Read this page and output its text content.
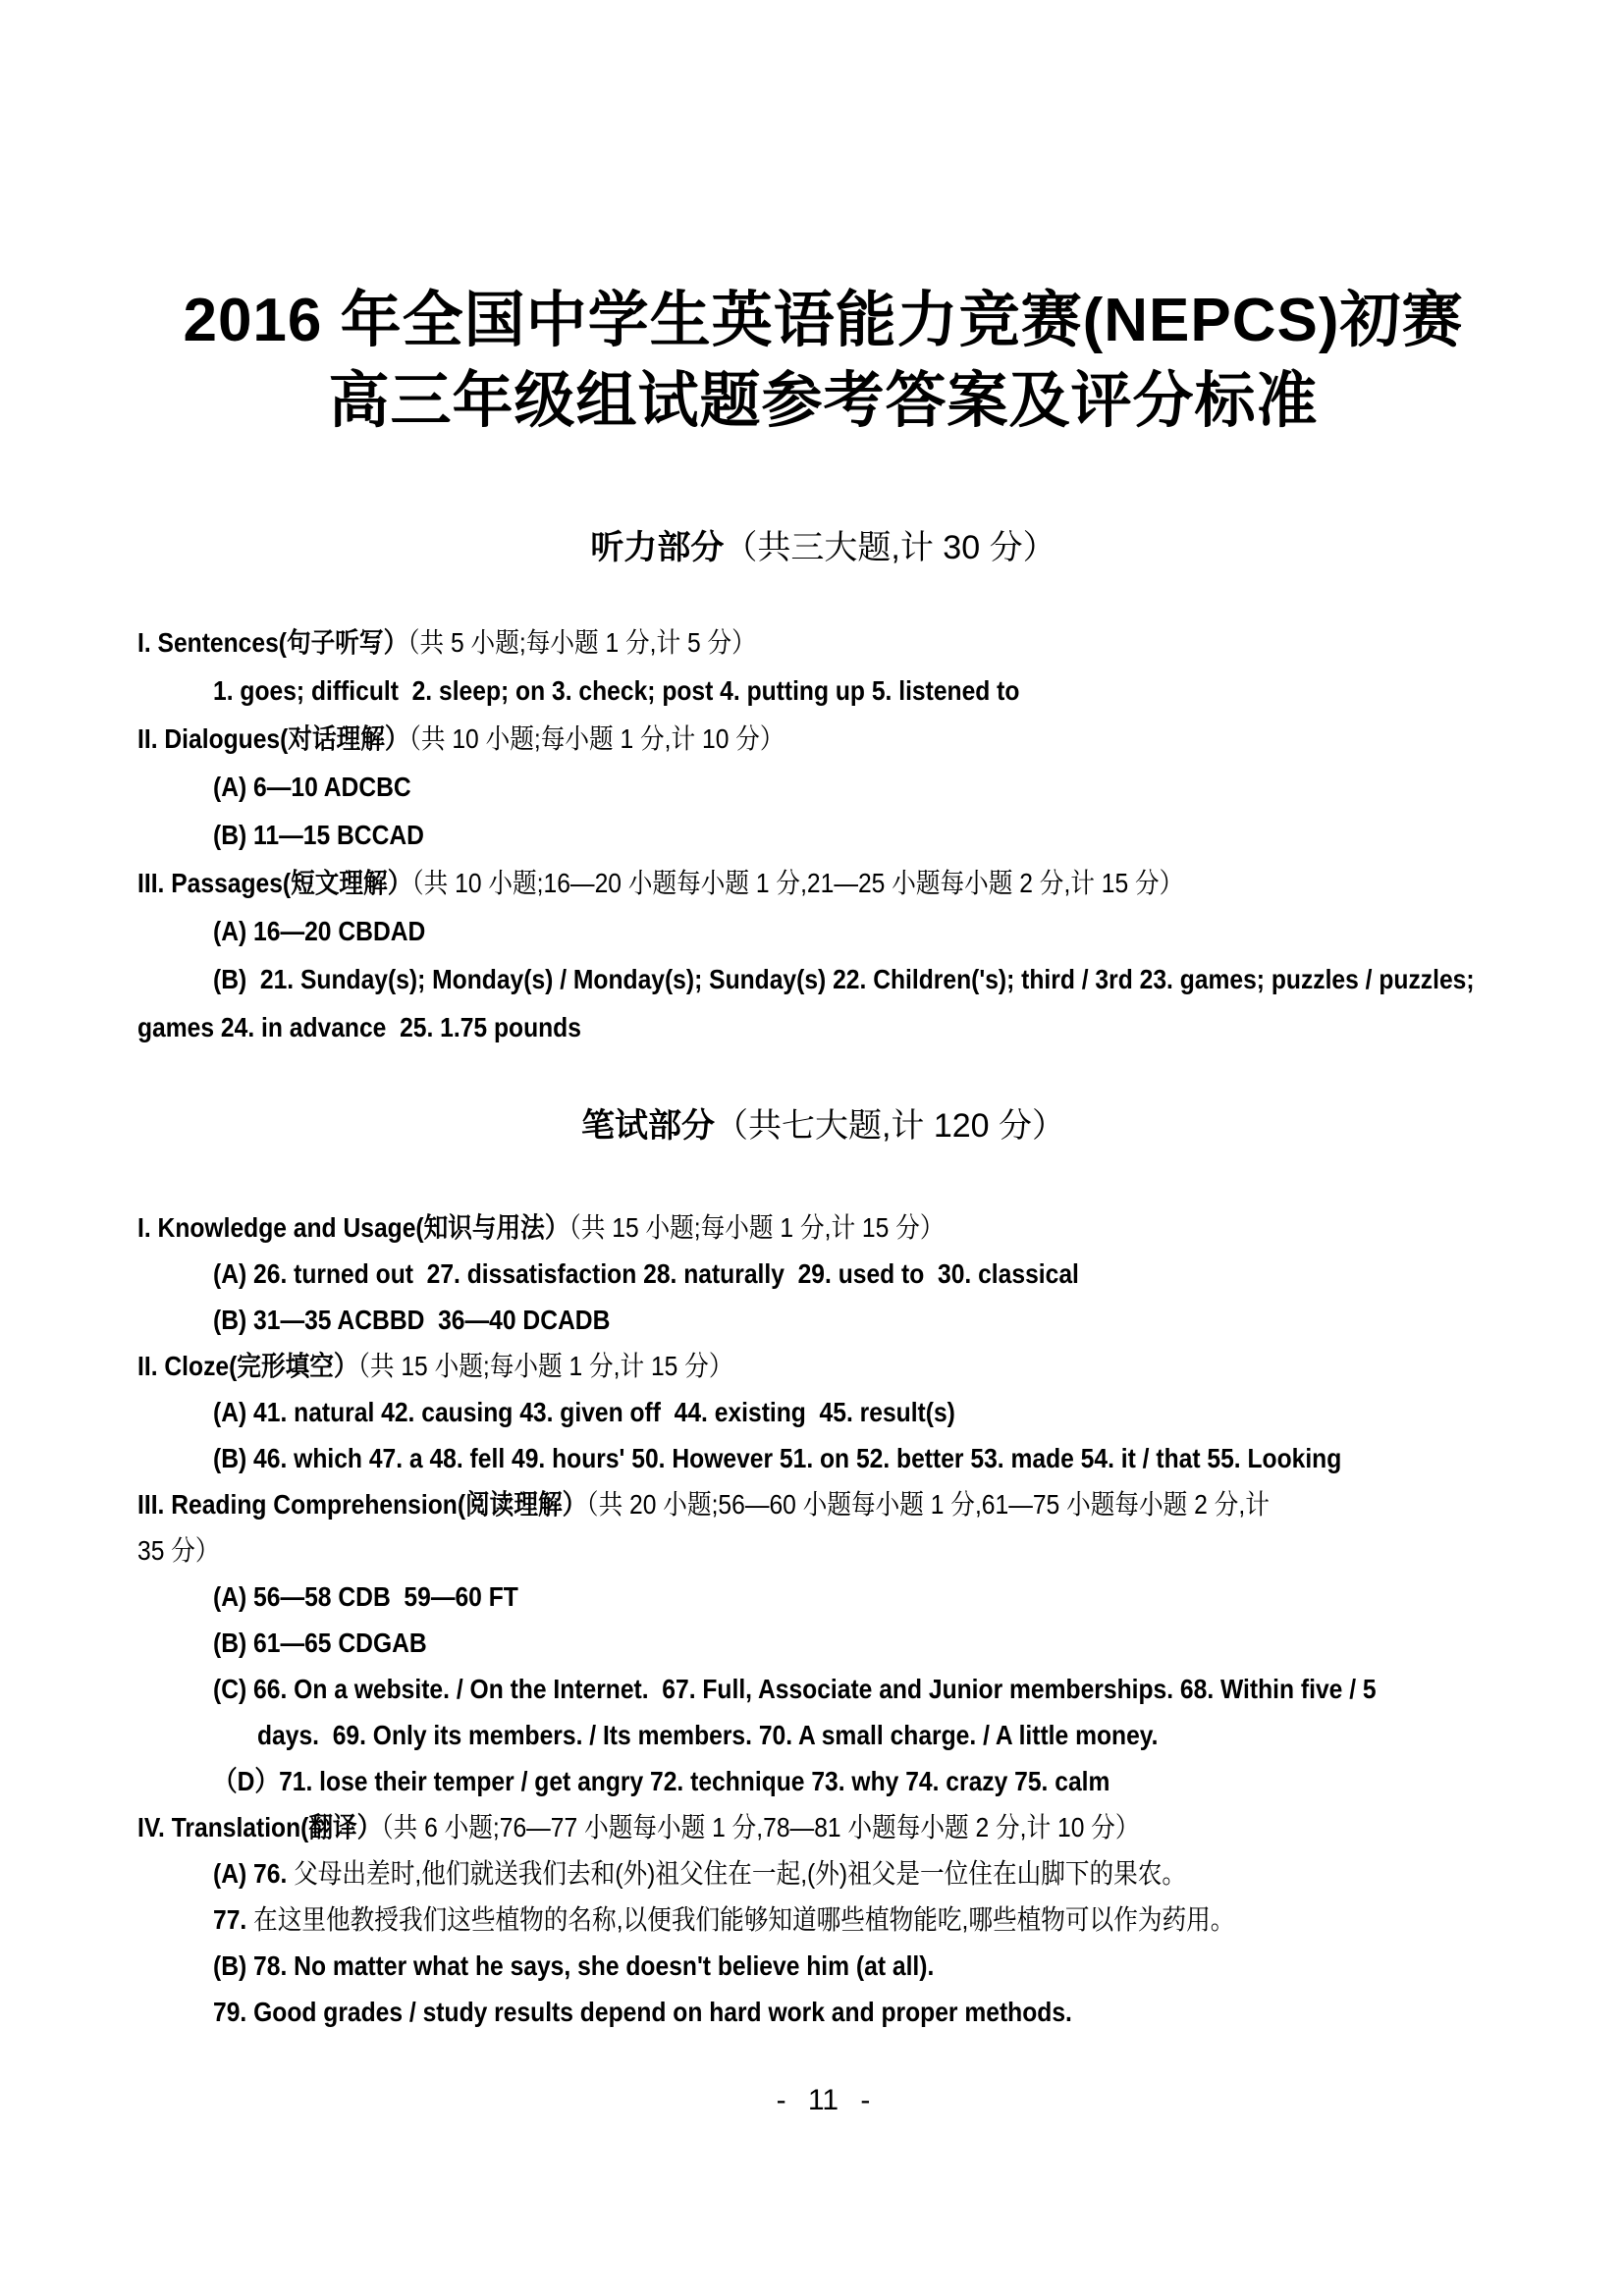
2016 年全国中学生英语能力竞赛(NEPCS)初赛
高三年级组试题参考答案及评分标准
听力部分（共三大题,计 30 分）
I. Sentences(句子听写）（共 5 小题;每小题 1 分,计 5 分）
1. goes; difficult  2. sleep; on 3. check; post 4. putting up 5. listened to
II. Dialogues(对话理解）（共 10 小题;每小题 1 分,计 10 分）
(A) 6—10 ADCBC
(B) 11—15 BCCAD
III. Passages(短文理解）（共 10 小题;16—20 小题每小题 1 分,21—25 小题每小题 2 分,计 15 分）
(A) 16—20 CBDAD
(B)  21. Sunday(s); Monday(s) / Monday(s); Sunday(s) 22. Children('s); third / 3rd 23. games; puzzles / puzzles;
games 24. in advance  25. 1.75 pounds
笔试部分（共七大题,计 120 分）
I. Knowledge and Usage(知识与用法）（共 15 小题;每小题 1 分,计 15 分）
(A) 26. turned out  27. dissatisfaction 28. naturally  29. used to  30. classical
(B) 31—35 ACBBD  36—40 DCADB
II. Cloze(完形填空）（共 15 小题;每小题 1 分,计 15 分）
(A) 41. natural 42. causing 43. given off  44. existing  45. result(s)
(B) 46. which 47. a 48. fell 49. hours' 50. However 51. on 52. better 53. made 54. it / that 55. Looking
III. Reading Comprehension(阅读理解）（共 20 小题;56—60 小题每小题 1 分,61—75 小题每小题 2 分,计
35 分）
(A) 56—58 CDB  59—60 FT
(B) 61—65 CDGAB
(C) 66. On a website. / On the Internet.  67. Full, Associate and Junior memberships. 68. Within five / 5
days.  69. Only its members. / Its members. 70. A small charge. / A little money.
（D）71. lose their temper / get angry 72. technique 73. why 74. crazy 75. calm
IV. Translation(翻译）（共 6 小题;76—77 小题每小题 1 分,78—81 小题每小题 2 分,计 10 分）
(A) 76. 父母出差时,他们就送我们去和(外)祖父住在一起,(外)祖父是一位住在山脚下的果农。
77. 在这里他教授我们这些植物的名称,以便我们能够知道哪些植物能吃,哪些植物可以作为药用。
(B) 78. No matter what he says, she doesn't believe him (at all).
79. Good grades / study results depend on hard work and proper methods.
- 11 -
